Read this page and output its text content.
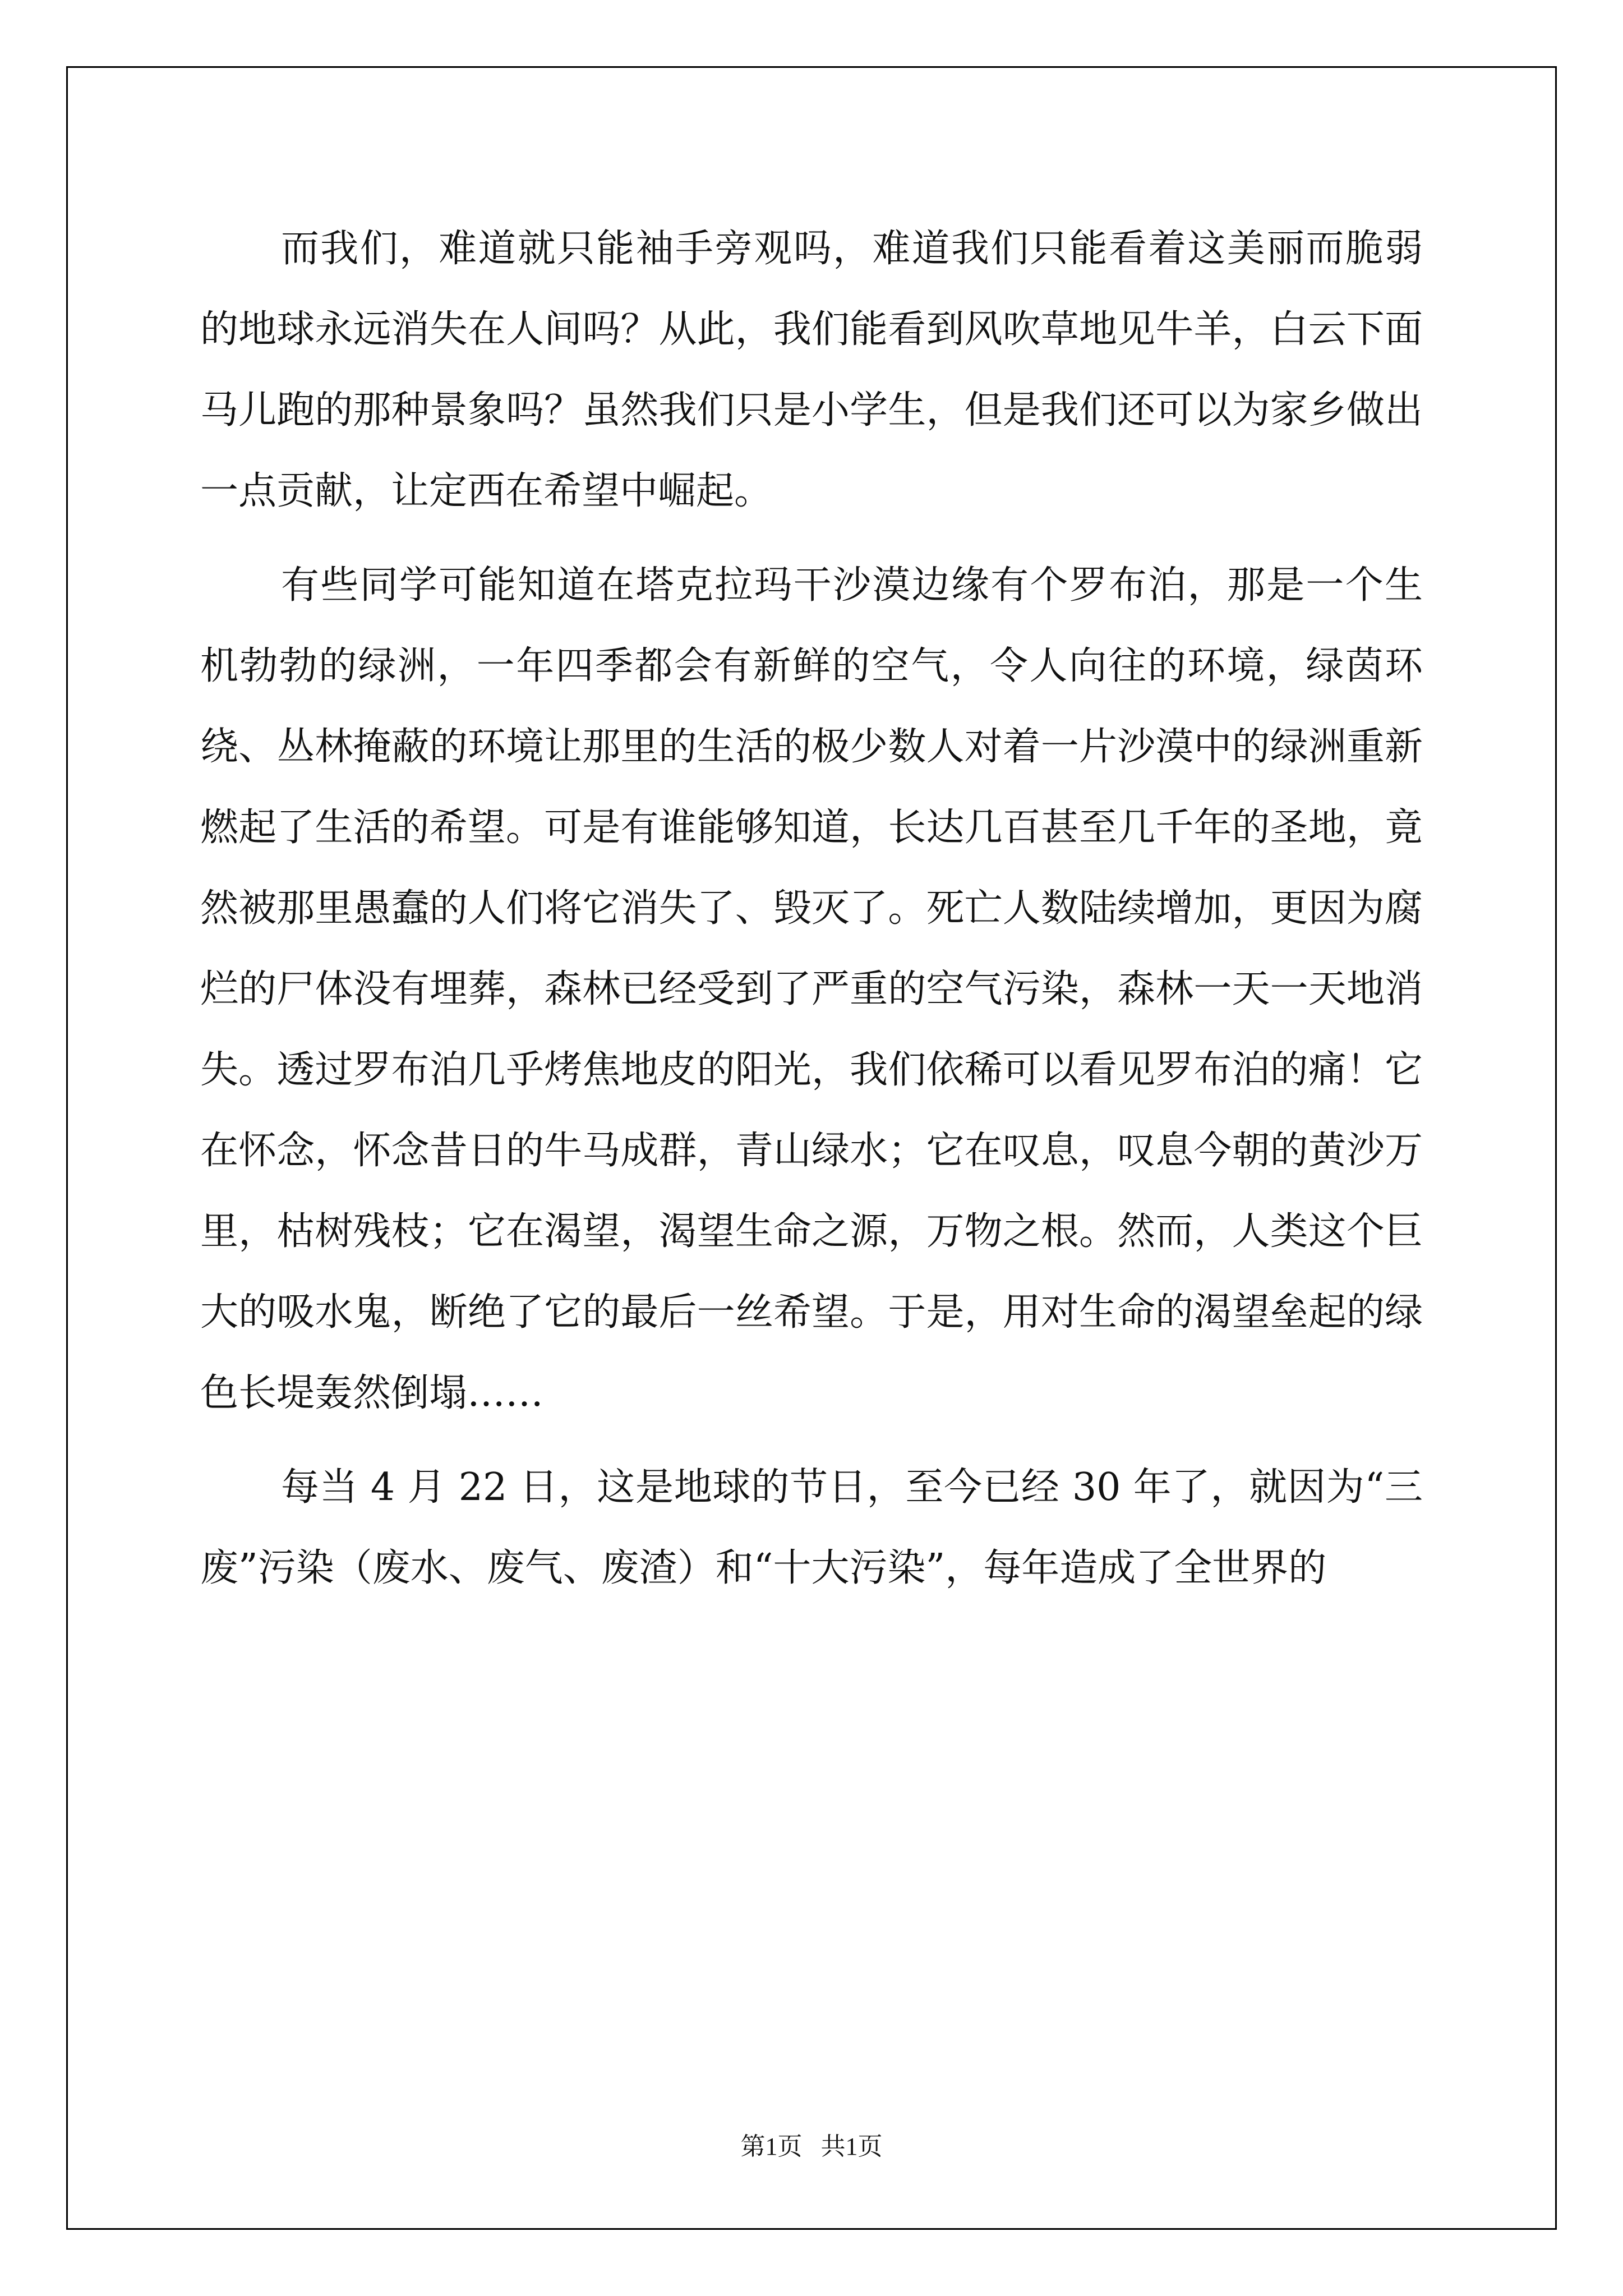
而我们，难道就只能袖手旁观吗，难道我们只能看着这美丽而脆弱的地球永远消失在人间吗？从此，我们能看到风吹草地见牛羊，白云下面马儿跑的那种景象吗？虽然我们只是小学生，但是我们还可以为家乡做出一点贡献，让定西在希望中崛起。

有些同学可能知道在塔克拉玛干沙漠边缘有个罗布泊，那是一个生机勃勃的绿洲，一年四季都会有新鲜的空气，令人向往的环境，绿茵环绕、丛林掩蔽的环境让那里的生活的极少数人对着一片沙漠中的绿洲重新燃起了生活的希望。可是有谁能够知道，长达几百甚至几千年的圣地，竟然被那里愚蠢的人们将它消失了、毁灭了。死亡人数陆续增加，更因为腐烂的尸体没有埋葬，森林已经受到了严重的空气污染，森林一天一天地消失。透过罗布泊几乎烤焦地皮的阳光，我们依稀可以看见罗布泊的痛！它在怀念，怀念昔日的牛马成群，青山绿水；它在叹息，叹息今朝的黄沙万里，枯树残枝；它在渴望，渴望生命之源，万物之根。然而，人类这个巨大的吸水鬼，断绝了它的最后一丝希望。于是，用对生命的渴望垒起的绿色长堤轰然倒塌……

每当 4 月 22 日，这是地球的节日，至今已经 30 年了，就因为“三废”污染（废水、废气、废渣）和“十大污染”，每年造成了全世界的

第1页   共1页
